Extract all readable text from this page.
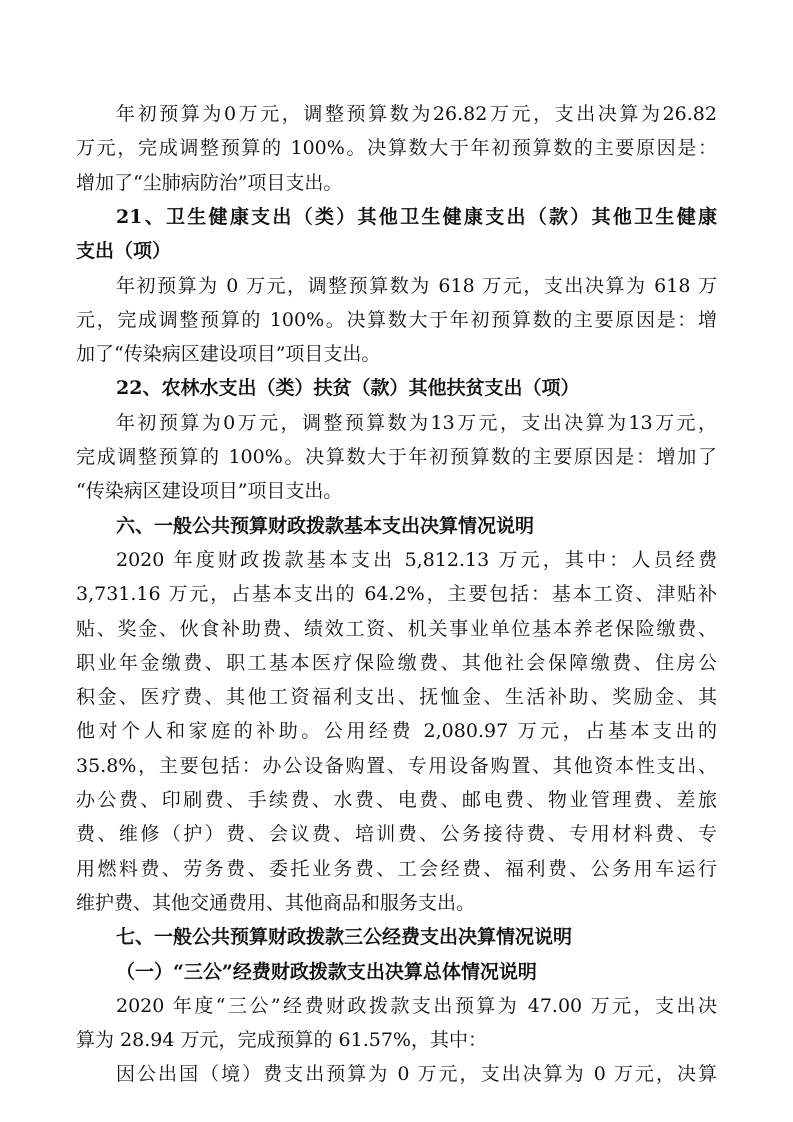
年初预算为0万元，调整预算数为26.82万元，支出决算为26.82
万元，完成调整预算的 100%。决算数大于年初预算数的主要原因是：
增加了“尘肺病防治”项目支出。
21、卫生健康支出（类）其他卫生健康支出（款）其他卫生健康
支出（项）
年初预算为 0 万元，调整预算数为 618 万元，支出决算为 618 万
元，完成调整预算的 100%。决算数大于年初预算数的主要原因是：增
加了“传染病区建设项目”项目支出。
22、农林水支出（类）扶贫（款）其他扶贫支出（项）
年初预算为0万元，调整预算数为13万元，支出决算为13万元，
完成调整预算的 100%。决算数大于年初预算数的主要原因是：增加了
“传染病区建设项目”项目支出。
六、一般公共预算财政拨款基本支出决算情况说明
2020 年度财政拨款基本支出 5,812.13 万元，其中：人员经费
3,731.16 万元，占基本支出的 64.2%，主要包括：基本工资、津贴补
贴、奖金、伙食补助费、绩效工资、机关事业单位基本养老保险缴费、
职业年金缴费、职工基本医疗保险缴费、其他社会保障缴费、住房公
积金、医疗费、其他工资福利支出、抚恤金、生活补助、奖励金、其
他对个人和家庭的补助。公用经费 2,080.97 万元，占基本支出的
35.8%，主要包括：办公设备购置、专用设备购置、其他资本性支出、
办公费、印刷费、手续费、水费、电费、邮电费、物业管理费、差旅
费、维修（护）费、会议费、培训费、公务接待费、专用材料费、专
用燃料费、劳务费、委托业务费、工会经费、福利费、公务用车运行
维护费、其他交通费用、其他商品和服务支出。
七、一般公共预算财政拨款三公经费支出决算情况说明
（一）“三公”经费财政拨款支出决算总体情况说明
2020 年度“三公”经费财政拨款支出预算为 47.00 万元，支出决
算为 28.94 万元，完成预算的 61.57%，其中：
因公出国（境）费支出预算为 0 万元，支出决算为 0 万元，决算
